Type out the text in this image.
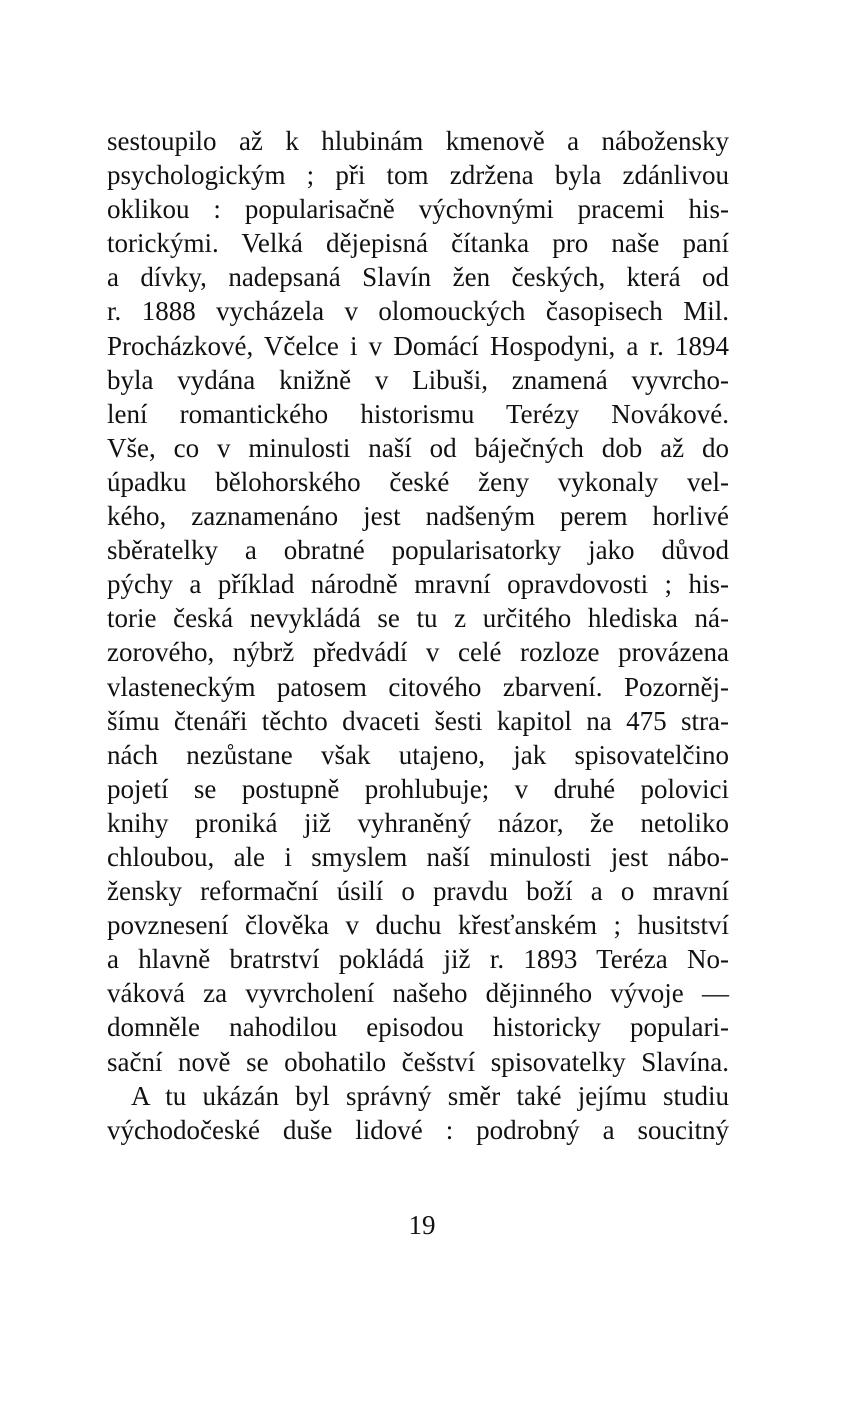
sestoupilo až k hlubinám kmenově a nábožensky
psychologickým ; při tom zdržena byla zdánlivou
oklikou : popularisačně výchovnými pracemi his-
torickými. Velká dějepisná čítanka pro naše paní
a dívky, nadepsaná Slavín žen českých, která od
r. 1888 vycházela v olomouckých časopisech Mil.
Procházkové, Včelce i v Domácí Hospodyni, a r. 1894
byla vydána knižně v Libuši, znamená vyvrcho-
lení romantického historismu Terézy Novákové.
Vše, co v minulosti naší od báječných dob až do
úpadku bělohorského české ženy vykonaly vel-
kého, zaznamenáno jest nadšeným perem horlivé
sběratelky a obratné popularisatorky jako důvod
pýchy a příklad národně mravní opravdovosti ; his-
torie česká nevykládá se tu z určitého hlediska ná-
zorového, nýbrž předvádí v celé rozloze provázena
vlasteneckým patosem citového zbarvení. Pozorněj-
šímu čtenáři těchto dvaceti šesti kapitol na 475 stra-
nách nezůstane však utajeno, jak spisovatelčino
pojetí se postupně prohlubuje; v druhé polovici
knihy proniká již vyhraněný názor, že netoliko
chloubou, ale i smyslem naší minulosti jest nábo-
žensky reformační úsilí o pravdu boží a o mravní
povznesení člověka v duchu křesťanském ; husitství
a hlavně bratrství pokládá již r. 1893 Teréza No-
váková za vyvrcholení našeho dějinného vývoje —
domněle nahodilou episodou historicky populari-
sační nově se obohatilo češství spisovatelky Slavína.
A tu ukázán byl správný směr také jejímu studiu
východočeské duše lidové : podrobný a soucitný
19
